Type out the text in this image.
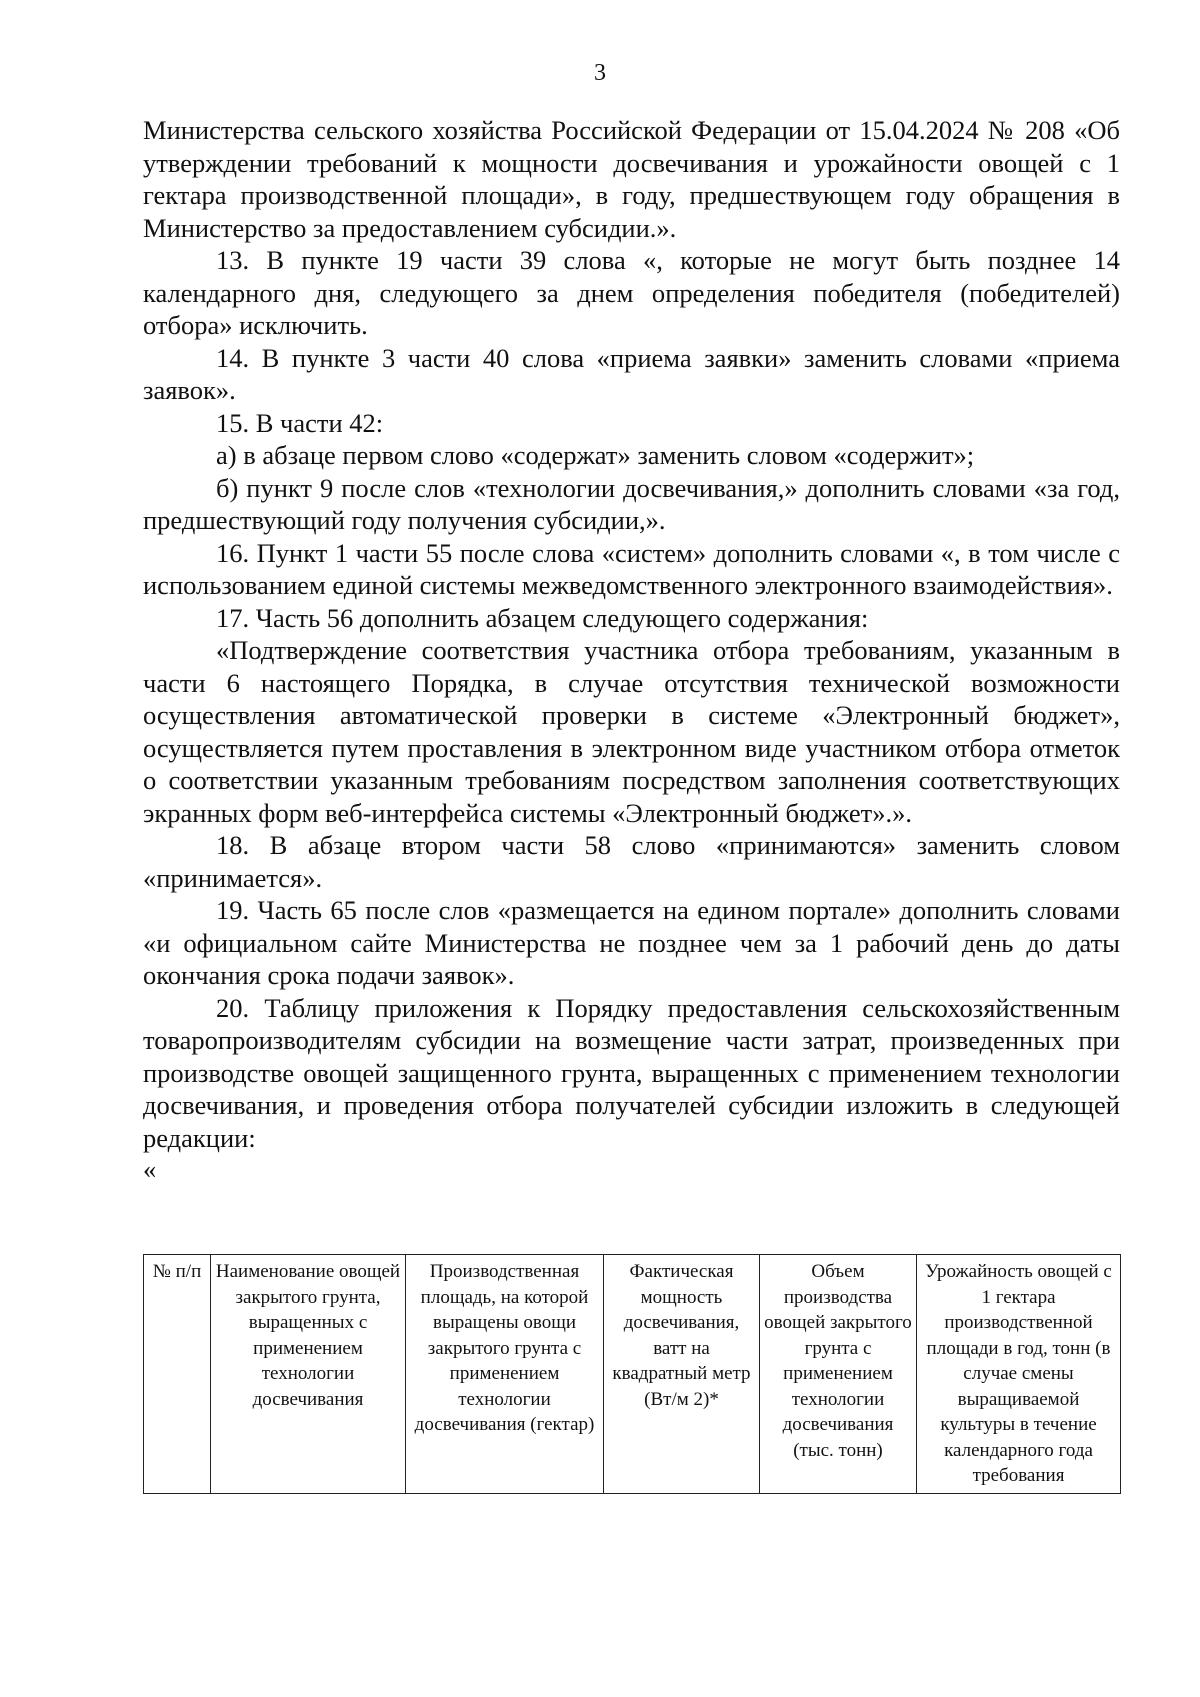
3

Министерства сельского хозяйства Российской Федерации от 15.04.2024 № 208 «Об утверждении требований к мощности досвечивания и урожайности овощей с 1 гектара производственной площади», в году, предшествующем году обращения в Министерство за предоставлением субсидии.».

13. В пункте 19 части 39 слова «, которые не могут быть позднее 14 календарного дня, следующего за днем определения победителя (победителей) отбора» исключить.

14. В пункте 3 части 40 слова «приема заявки» заменить словами «приема заявок».

15. В части 42:

а) в абзаце первом слово «содержат» заменить словом «содержит»;

б) пункт 9 после слов «технологии досвечивания,» дополнить словами «за год, предшествующий году получения субсидии,».

16. Пункт 1 части 55 после слова «систем» дополнить словами «, в том числе с использованием единой системы межведомственного электронного взаимодействия».

17. Часть 56 дополнить абзацем следующего содержания:

«Подтверждение соответствия участника отбора требованиям, указанным в части 6 настоящего Порядка, в случае отсутствия технической возможности осуществления автоматической проверки в системе «Электронный бюджет», осуществляется путем проставления в электронном виде участником отбора отметок о соответствии указанным требованиям посредством заполнения соответствующих экранных форм веб-интерфейса системы «Электронный бюджет».».

18. В абзаце втором части 58 слово «принимаются» заменить словом «принимается».

19. Часть 65 после слов «размещается на едином портале» дополнить словами «и официальном сайте Министерства не позднее чем за 1 рабочий день до даты окончания срока подачи заявок».

20. Таблицу приложения к Порядку предоставления сельскохозяйственным товаропроизводителям субсидии на возмещение части затрат, произведенных при производстве овощей защищенного грунта, выращенных с применением технологии досвечивания, и проведения отбора получателей субсидии изложить в следующей редакции:

«

№ п/п	Наименование овощей закрытого грунта, выращенных с применением технологии досвечивания	Производственная площадь, на которой выращены овощи закрытого грунта с применением технологии досвечивания (гектар)	Фактическая мощность досвечивания, ватт на квадратный метр (Вт/м 2)*	Объем производства овощей закрытого грунта с применением технологии досвечивания (тыс. тонн)	Урожайность овощей с 1 гектара производственной площади в год, тонн (в случае смены выращиваемой культуры в течение календарного года требования
